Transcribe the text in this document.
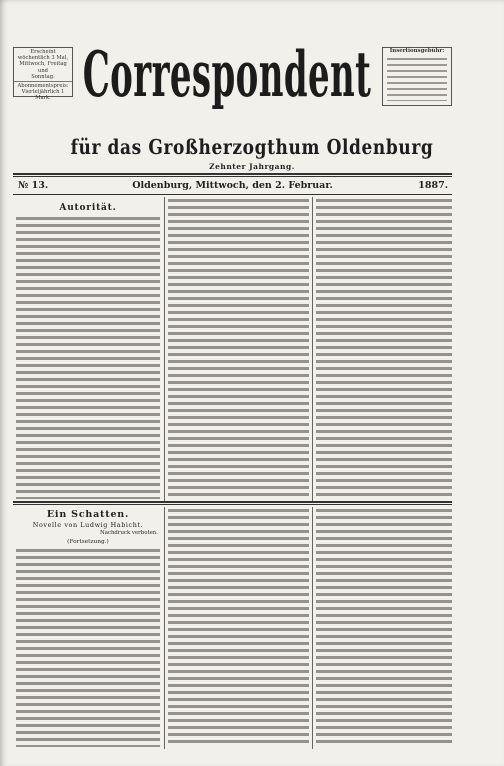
Erscheint wöchentlich 3 Mal,
Mittwoch, Freitag und
Sonntag.
Abonnementspreis:
Vierteljährlich 1 Mark.
Insertionsgebühr:
Correspondent
für das Großherzogthum Oldenburg
Zehnter Jahrgang.
№ 13.	Oldenburg, Mittwoch, den 2. Februar.	1887.
Autorität.
Ein Schatten.
Novelle von Ludwig Habicht.
Nachdruck verboten.
(Fortsetzung.)
